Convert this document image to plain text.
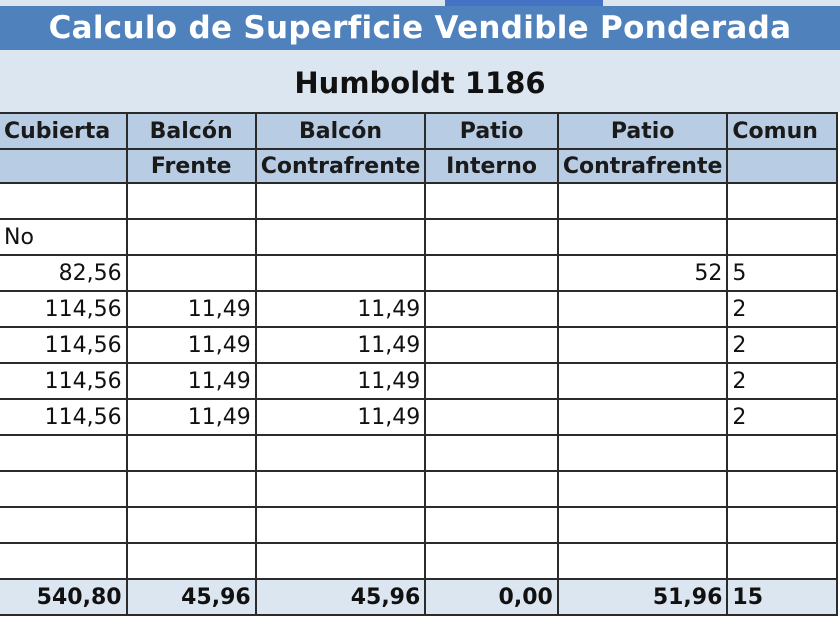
Calculo de Superficie Vendible Ponderada
Humboldt 1186
Cubierta	Balcón	Balcón	Patio	Patio	Comun
	Frente	Contrafrente	Interno	Contrafrente	

No					
82,56				52	5
114,56	11,49	11,49			2
114,56	11,49	11,49			2
114,56	11,49	11,49			2
114,56	11,49	11,49			2

540,80	45,96	45,96	0,00	51,96	15
